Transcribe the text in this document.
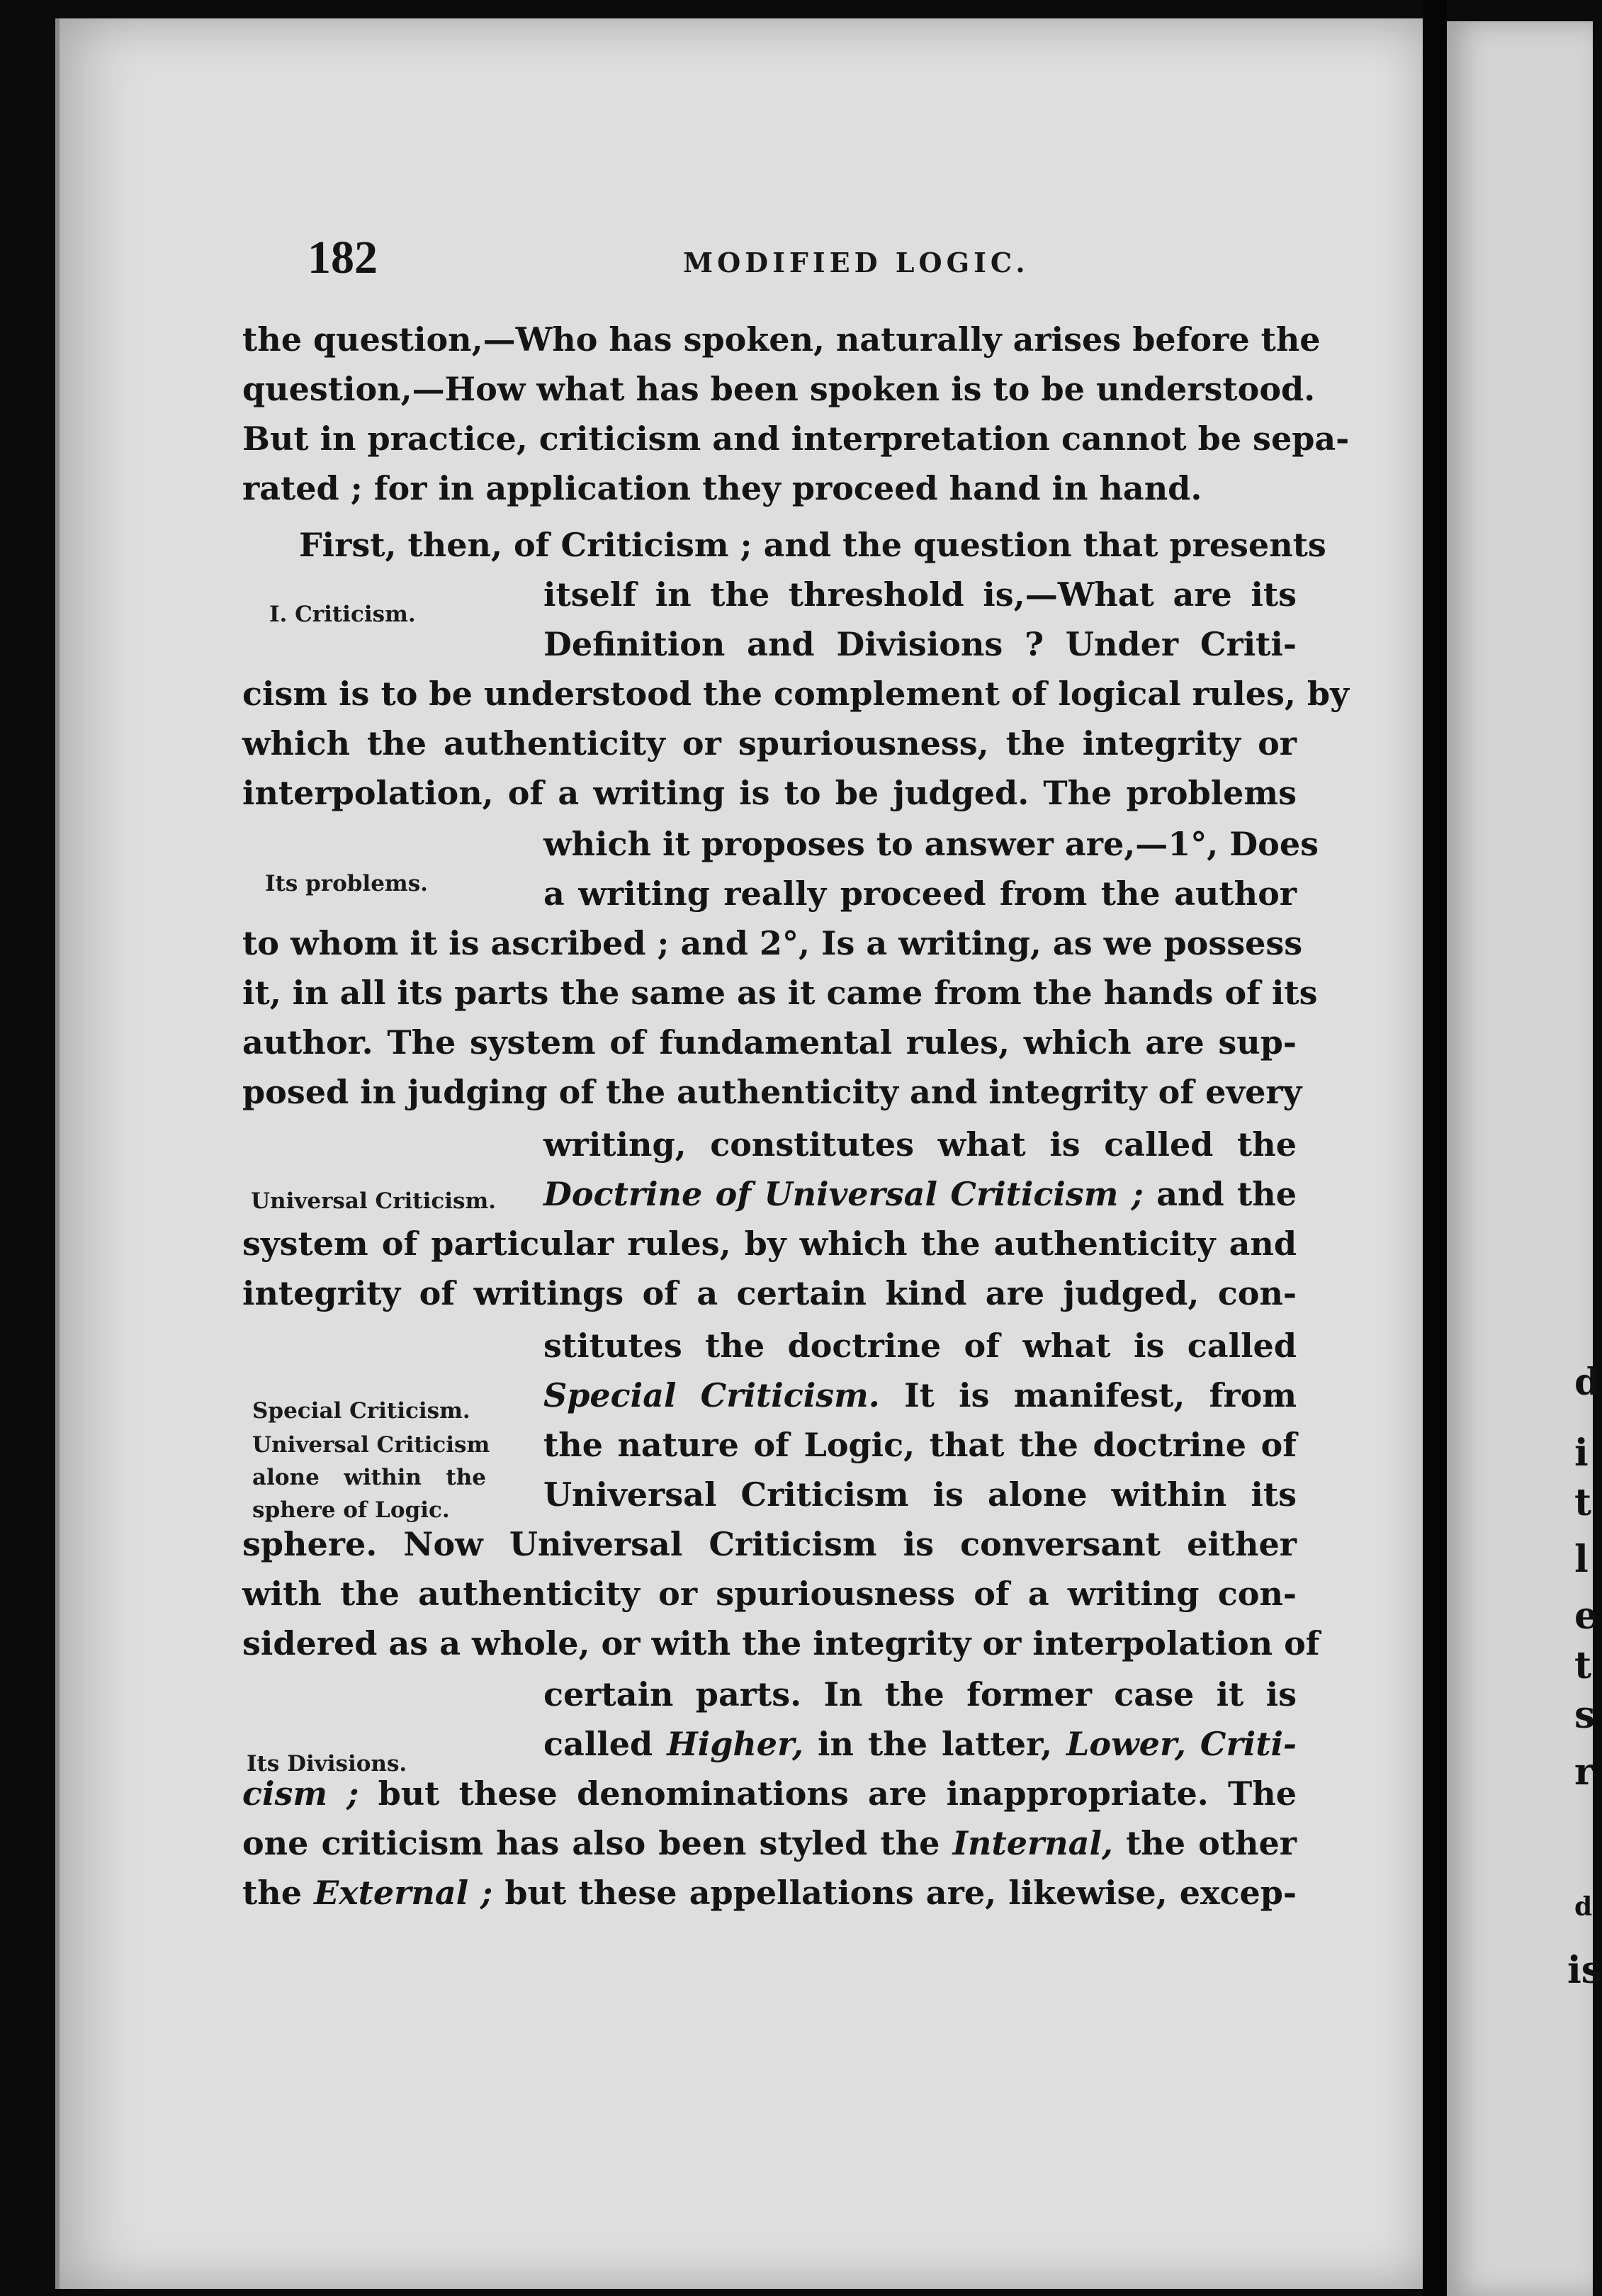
182	MODIFIED LOGIC.
I. Criticism.
Its problems.
Universal Criticism.
Special Criticism.
Universal Criticism
alone within the
sphere of Logic.
Its Divisions.
the question,—Who has spoken, naturally arises before the
question,—How what has been spoken is to be understood.
But in practice, criticism and interpretation cannot be sepa-
rated ; for in application they proceed hand in hand.
First, then, of Criticism ; and the question that presents
itself in the threshold is,—What are its
Definition and Divisions ? Under Criti-
cism is to be understood the complement of logical rules, by
which the authenticity or spuriousness, the integrity or
interpolation, of a writing is to be judged. The problems
which it proposes to answer are,—1°, Does
a writing really proceed from the author
to whom it is ascribed ; and 2°, Is a writing, as we possess
it, in all its parts the same as it came from the hands of its
author. The system of fundamental rules, which are sup-
posed in judging of the authenticity and integrity of every
writing, constitutes what is called the
Doctrine of Universal Criticism ; and the
system of particular rules, by which the authenticity and
integrity of writings of a certain kind are judged, con-
stitutes the doctrine of what is called
Special Criticism. It is manifest, from
the nature of Logic, that the doctrine of
Universal Criticism is alone within its
sphere. Now Universal Criticism is conversant either
with the authenticity or spuriousness of a writing con-
sidered as a whole, or with the integrity or interpolation of
certain parts. In the former case it is
called Higher, in the latter, Lower, Criti-
cism ; but these denominations are inappropriate. The
one criticism has also been styled the Internal, the other
the External ; but these appellations are, likewise, excep-
d
i
t
l
e
t
s
r
d
is
